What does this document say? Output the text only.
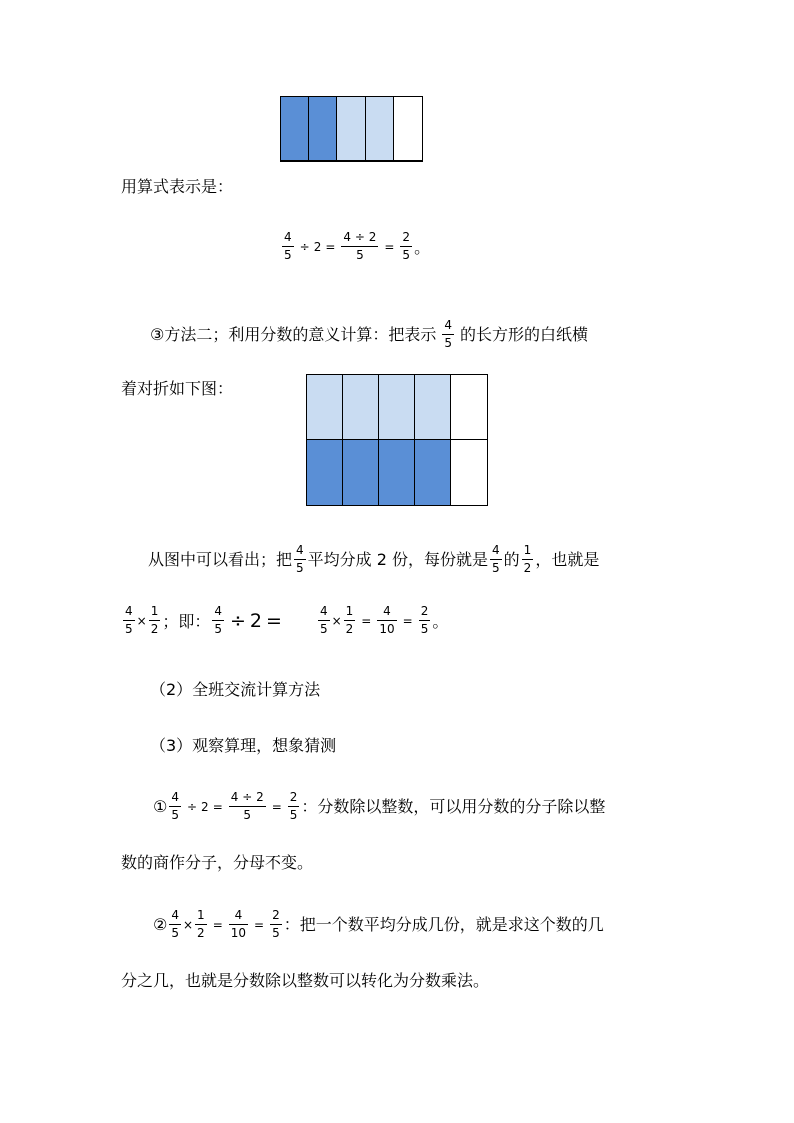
用算式表示是：
$\frac{4}{5} \div 2 = \frac{4 \div 2}{5} = \frac{2}{5}$ 。
③方法二；利用分数的意义计算：把表示 $\frac{4}{5}$ 的长方形的白纸横
着对折如下图：
从图中可以看出；把 $\frac{4}{5}$ 平均分成 2 份，每份就是 $\frac{4}{5}$ 的 $\frac{1}{2}$ ，也就是
$\frac{4}{5} \times \frac{1}{2}$ ；即： $\frac{4}{5} \div 2$ =	$\frac{4}{5} \times \frac{1}{2} = \frac{4}{10} = \frac{2}{5}$ 。
（2）全班交流计算方法
（3）观察算理，想象猜测
① $\frac{4}{5} \div 2 = \frac{4 \div 2}{5} = \frac{2}{5}$ ：分数除以整数，可以用分数的分子除以整
数的商作分子，分母不变。
② $\frac{4}{5} \times \frac{1}{2} = \frac{4}{10} = \frac{2}{5}$ ：把一个数平均分成几份，就是求这个数的几
分之几，也就是分数除以整数可以转化为分数乘法。
